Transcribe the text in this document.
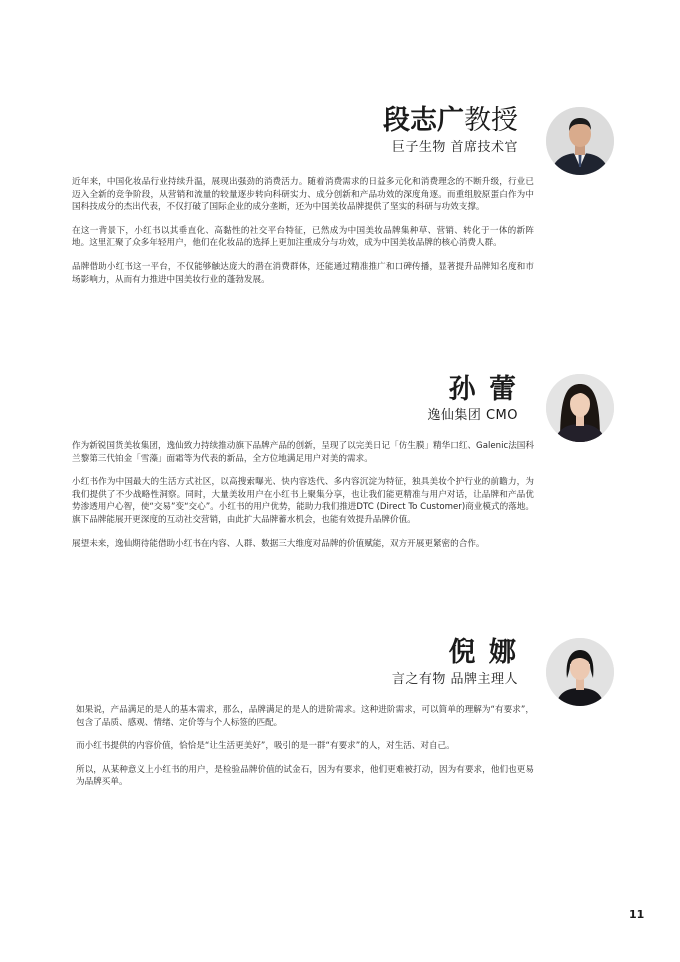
段志广教授
巨子生物 首席技术官

近年来，中国化妆品行业持续升温，展现出强劲的消费活力。随着消费需求的日益多元化和消费理念的不断升级，行业已迈入全新的竞争阶段，从营销和流量的较量逐步转向科研实力、成分创新和产品功效的深度角逐。而重组胶原蛋白作为中国科技成分的杰出代表，不仅打破了国际企业的成分垄断，还为中国美妆品牌提供了坚实的科研与功效支撑。

在这一背景下，小红书以其垂直化、高黏性的社交平台特征，已然成为中国美妆品牌集种草、营销、转化于一体的新阵地。这里汇聚了众多年轻用户，他们在化妆品的选择上更加注重成分与功效，成为中国美妆品牌的核心消费人群。

品牌借助小红书这一平台，不仅能够触达庞大的潜在消费群体，还能通过精准推广和口碑传播，显著提升品牌知名度和市场影响力，从而有力推进中国美妆行业的蓬勃发展。

孙 蕾
逸仙集团 CMO

作为新锐国货美妆集团，逸仙致力持续推动旗下品牌产品的创新，呈现了以完美日记「仿生膜」精华口红、Galenic法国科兰黎第三代铂金「雪藻」面霜等为代表的新品，全方位地满足用户对美的需求。

小红书作为中国最大的生活方式社区，以高搜索曝光、快内容迭代、多内容沉淀为特征，独具美妆个护行业的前瞻力，为我们提供了不少战略性洞察。同时，大量美妆用户在小红书上聚集分享，也让我们能更精准与用户对话，让品牌和产品优势渗透用户心智，使“交易”变“交心”。小红书的用户优势，能助力我们推进DTC (Direct To Customer)商业模式的落地。旗下品牌能展开更深度的互动社交营销，由此扩大品牌蓄水机会，也能有效提升品牌价值。

展望未来，逸仙期待能借助小红书在内容、人群、数据三大维度对品牌的价值赋能，双方开展更紧密的合作。

倪 娜
言之有物 品牌主理人

如果说，产品满足的是人的基本需求，那么，品牌满足的是人的进阶需求。这种进阶需求，可以简单的理解为“有要求”，包含了品质、感观、情绪、定价等与个人标签的匹配。

而小红书提供的内容价值，恰恰是“让生活更美好”，吸引的是一群“有要求”的人，对生活、对自己。

所以，从某种意义上小红书的用户，是检验品牌价值的试金石，因为有要求，他们更难被打动，因为有要求，他们也更易为品牌买单。

11
